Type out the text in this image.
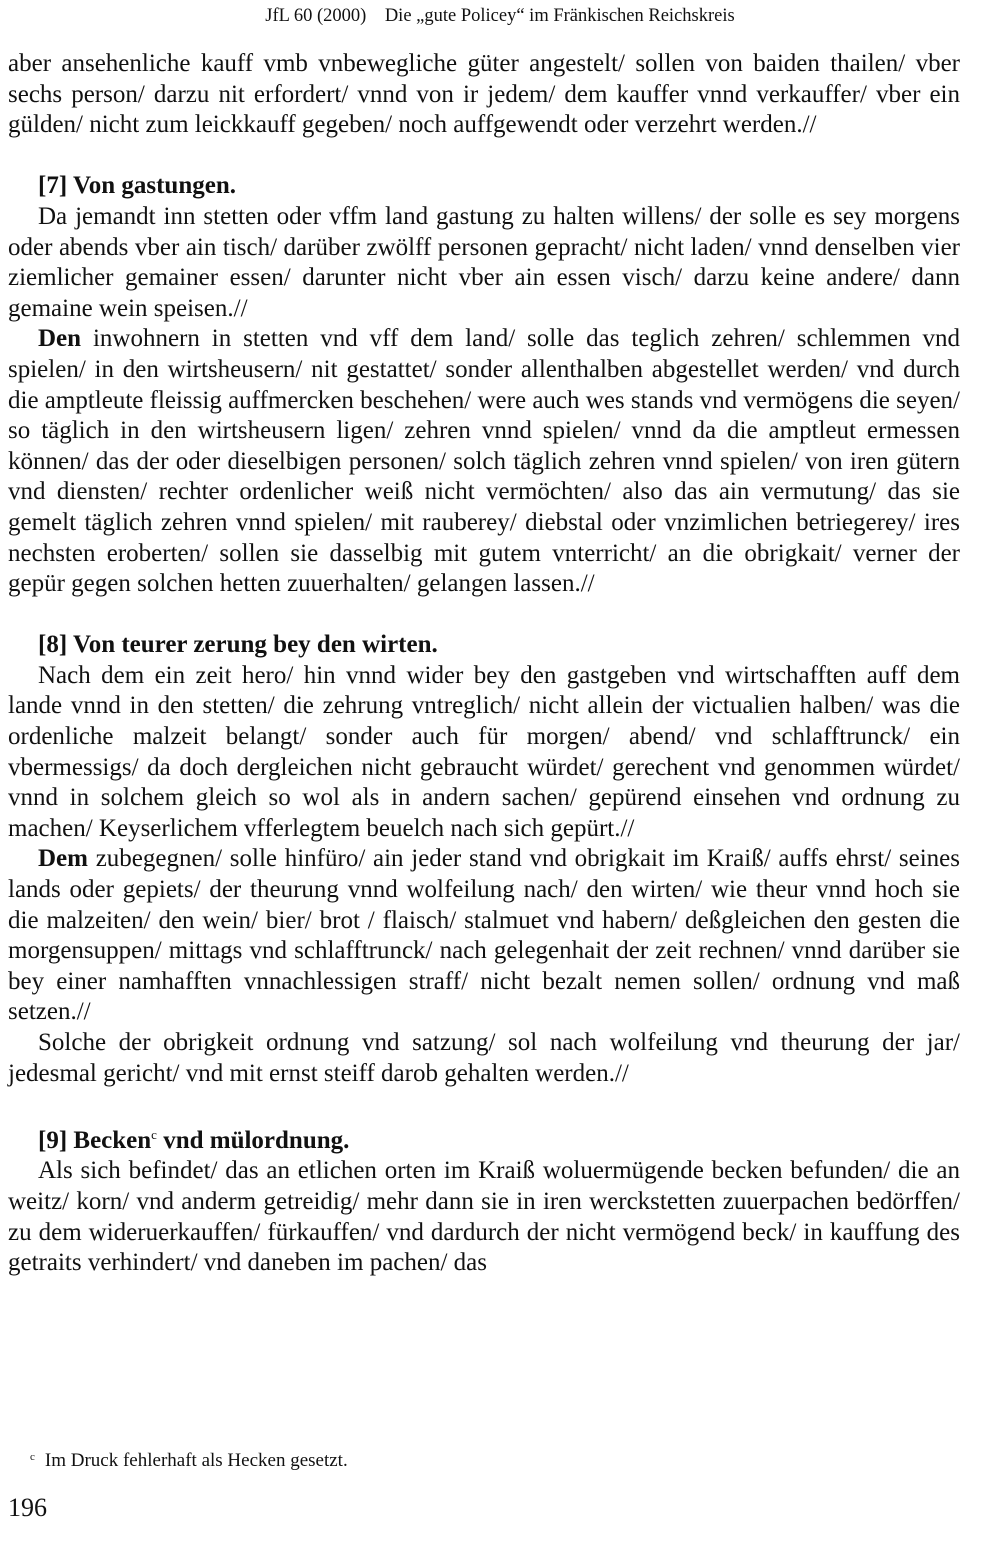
JfL 60 (2000)    Die „gute Policey“ im Fränkischen Reichskreis

aber ansehenliche kauff vmb vnbewegliche güter angestelt/ sollen von baiden thailen/ vber sechs person/ darzu nit erfordert/ vnnd von ir jedem/ dem kauffer vnnd verkauffer/ vber ein gülden/ nicht zum leickkauff gegeben/ noch auffgewendt oder verzehrt werden.//

[7] Von gastungen.

Da jemandt inn stetten oder vffm land gastung zu halten willens/ der solle es sey morgens oder abends vber ain tisch/ darüber zwölff personen gepracht/ nicht laden/ vnnd denselben vier ziemlicher gemainer essen/ darunter nicht vber ain essen visch/ darzu keine andere/ dann gemaine wein speisen.//

Den inwohnern in stetten vnd vff dem land/ solle das teglich zehren/ schlemmen vnd spielen/ in den wirtsheusern/ nit gestattet/ sonder allenthalben abgestellet werden/ vnd durch die amptleute fleissig auffmercken beschehen/ were auch wes stands vnd vermögens die seyen/ so täglich in den wirtsheusern ligen/ zehren vnnd spielen/ vnnd da die amptleut ermessen können/ das der oder dieselbigen personen/ solch täglich zehren vnnd spielen/ von iren gütern vnd diensten/ rechter ordenlicher weiß nicht vermöchten/ also das ain vermutung/ das sie gemelt täglich zehren vnnd spielen/ mit rauberey/ diebstal oder vnzimlichen betriegerey/ ires nechsten eroberten/ sollen sie dasselbig mit gutem vnterricht/ an die obrigkait/ verner der gepür gegen solchen hetten zuuerhalten/ gelangen lassen.//

[8] Von teurer zerung bey den wirten.

Nach dem ein zeit hero/ hin vnnd wider bey den gastgeben vnd wirtschafften auff dem lande vnnd in den stetten/ die zehrung vntreglich/ nicht allein der victualien halben/ was die ordenliche malzeit belangt/ sonder auch für morgen/ abend/ vnd schlafftrunck/ ein vbermessigs/ da doch dergleichen nicht gebraucht würdet/ gerechent vnd genommen würdet/ vnnd in solchem gleich so wol als in andern sachen/ gepürend einsehen vnd ordnung zu machen/ Keyserlichem vfferlegtem beuelch nach sich gepürt.//

Dem zubegegnen/ solle hinfüro/ ain jeder stand vnd obrigkait im Kraiß/ auffs ehrst/ seines lands oder gepiets/ der theurung vnnd wolfeilung nach/ den wirten/ wie theur vnnd hoch sie die malzeiten/ den wein/ bier/ brot / flaisch/ stalmuet vnd habern/ deßgleichen den gesten die morgensuppen/ mittags vnd schlafftrunck/ nach gelegenhait der zeit rechnen/ vnnd darüber sie bey einer namhafften vnnachlessigen straff/ nicht bezalt nemen sollen/ ordnung vnd maß setzen.//

Solche der obrigkeit ordnung vnd satzung/ sol nach wolfeilung vnd theurung der jar/ jedesmal gericht/ vnd mit ernst steiff darob gehalten werden.//

[9] Becken$^c$ vnd mülordnung.

Als sich befindet/ das an etlichen orten im Kraiß woluermügende becken befunden/ die an weitz/ korn/ vnd anderm getreidig/ mehr dann sie in iren werckstetten zuuerpachen bedörffen/ zu dem wideruerkauffen/ fürkauffen/ vnd dardurch der nicht vermögend beck/ in kauffung des getraits verhindert/ vnd daneben im pachen/ das

$^c$ Im Druck fehlerhaft als Hecken gesetzt.
196
